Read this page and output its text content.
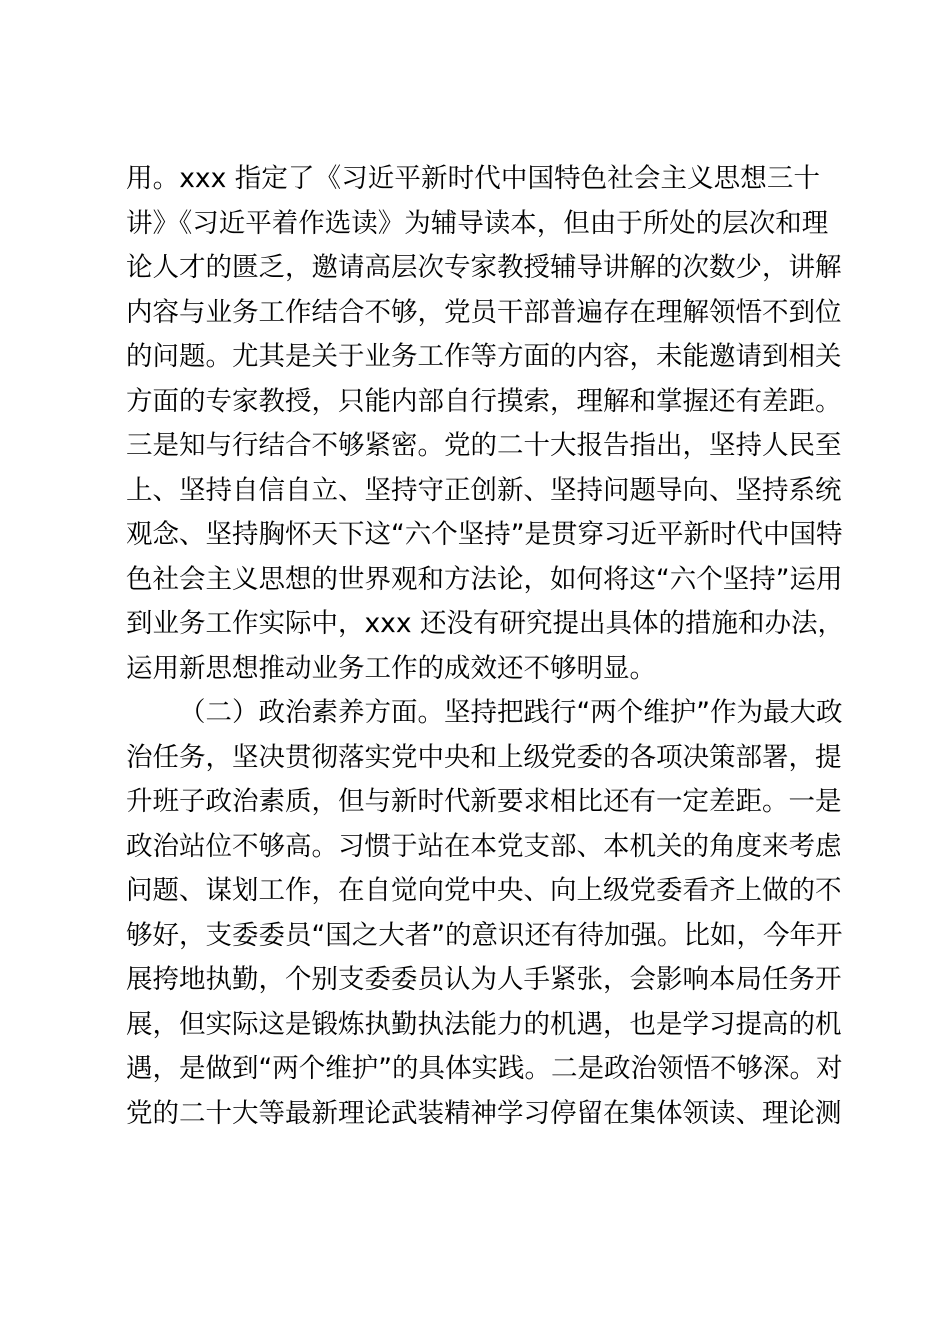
用。xxx 指定了《习近平新时代中国特色社会主义思想三十
讲》《习近平着作选读》为辅导读本，但由于所处的层次和理
论人才的匮乏，邀请高层次专家教授辅导讲解的次数少，讲解
内容与业务工作结合不够，党员干部普遍存在理解领悟不到位
的问题。尤其是关于业务工作等方面的内容，未能邀请到相关
方面的专家教授，只能内部自行摸索，理解和掌握还有差距。
三是知与行结合不够紧密。党的二十大报告指出，坚持人民至
上、坚持自信自立、坚持守正创新、坚持问题导向、坚持系统
观念、坚持胸怀天下这“六个坚持”是贯穿习近平新时代中国特
色社会主义思想的世界观和方法论，如何将这“六个坚持”运用
到业务工作实际中，xxx 还没有研究提出具体的措施和办法，
运用新思想推动业务工作的成效还不够明显。
（二）政治素养方面。坚持把践行“两个维护”作为最大政
治任务，坚决贯彻落实党中央和上级党委的各项决策部署，提
升班子政治素质，但与新时代新要求相比还有一定差距。一是
政治站位不够高。习惯于站在本党支部、本机关的角度来考虑
问题、谋划工作，在自觉向党中央、向上级党委看齐上做的不
够好，支委委员“国之大者”的意识还有待加强。比如，今年开
展挎地执勤，个别支委委员认为人手紧张，会影响本局任务开
展，但实际这是锻炼执勤执法能力的机遇，也是学习提高的机
遇，是做到“两个维护”的具体实践。二是政治领悟不够深。对
党的二十大等最新理论武装精神学习停留在集体领读、理论测
